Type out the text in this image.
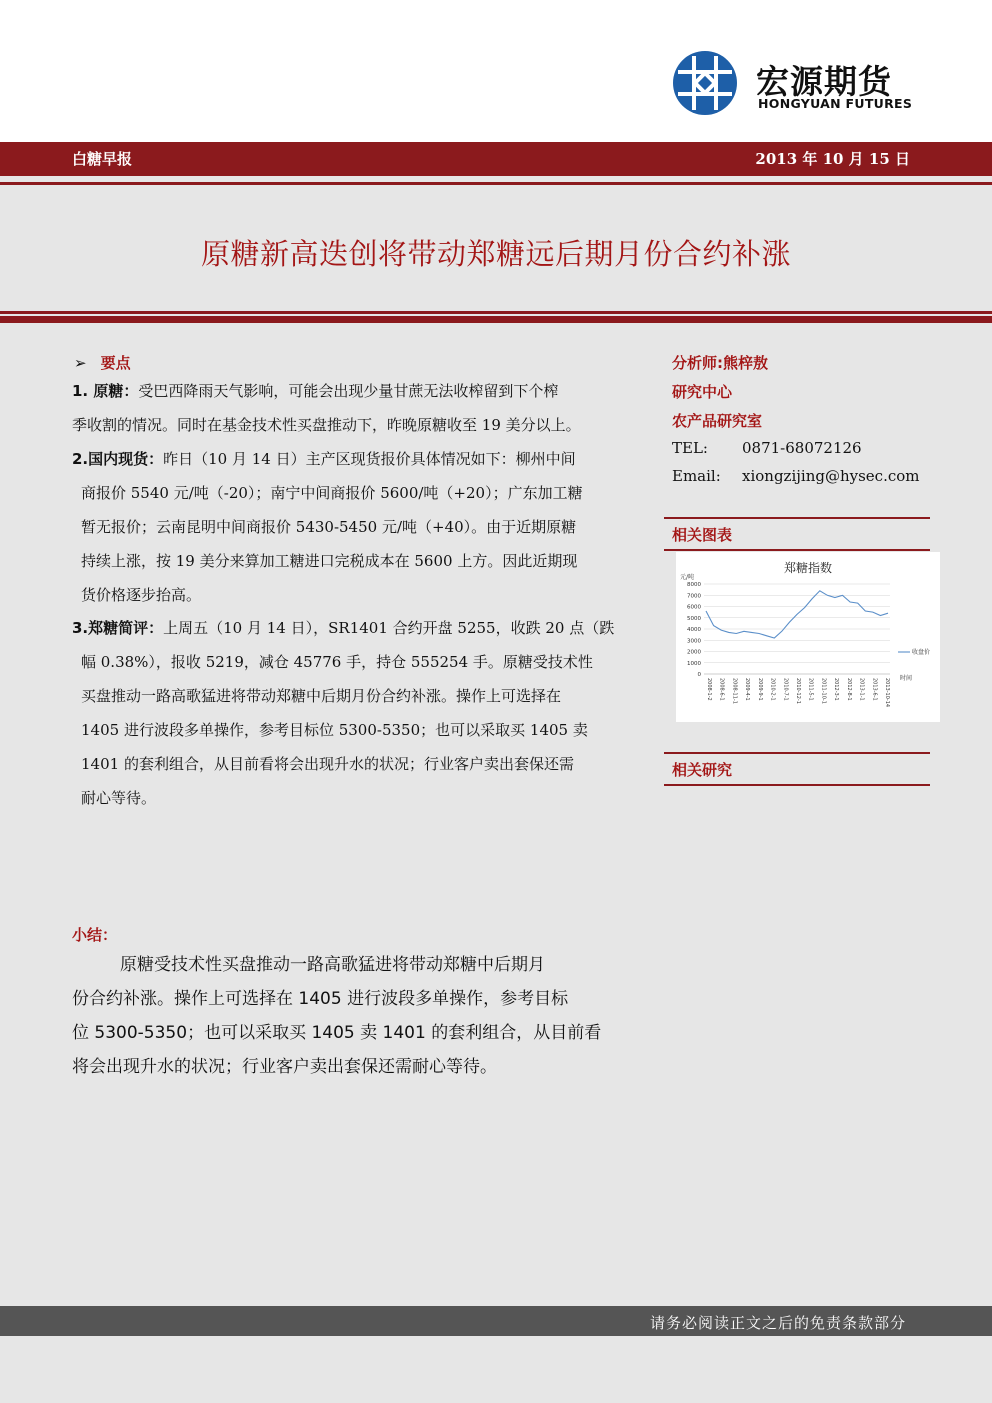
宏源期货
HONGYUAN FUTURES
白糖早报	2013 年 10 月 15 日
原糖新高迭创将带动郑糖远后期月份合约补涨
➢ 要点
1. 原糖：受巴西降雨天气影响，可能会出现少量甘蔗无法收榨留到下个榨
季收割的情况。同时在基金技术性买盘推动下，昨晚原糖收至 19 美分以上。
2.国内现货：昨日（10 月 14 日）主产区现货报价具体情况如下：柳州中间
商报价 5540 元/吨（-20）；南宁中间商报价 5600/吨（+20）；广东加工糖
暂无报价；云南昆明中间商报价 5430-5450 元/吨（+40）。由于近期原糖
持续上涨，按 19 美分来算加工糖进口完税成本在 5600 上方。因此近期现
货价格逐步抬高。
3.郑糖简评：上周五（10 月 14 日），SR1401 合约开盘 5255，收跌 20 点（跌
幅 0.38%），报收 5219，减仓 45776 手，持仓 555254 手。原糖受技术性
买盘推动一路高歌猛进将带动郑糖中后期月份合约补涨。操作上可选择在
1405 进行波段多单操作，参考目标位 5300-5350；也可以采取买 1405 卖
1401 的套利组合，从目前看将会出现升水的状况；行业客户卖出套保还需
耐心等待。
小结：
原糖受技术性买盘推动一路高歌猛进将带动郑糖中后期月
份合约补涨。操作上可选择在 1405 进行波段多单操作，参考目标
位 5300-5350；也可以采取买 1405 卖 1401 的套利组合，从目前看
将会出现升水的状况；行业客户卖出套保还需耐心等待。
分析师:熊梓敖
研究中心
农产品研究室
TEL: 0871-68072126
Email: xiongzijing@hysec.com
相关图表
郑糖指数
元/吨
0
1000
2000
3000
4000
5000
6000
7000
8000
2008-1-2 2008-6-1 2008-11-1 2009-4-1 2009-9-1 2010-2-1 2010-7-1 2010-12-1 2011-5-1 2011-10-1 2012-3-1 2012-8-1 2013-1-1 2013-6-1 2013-10-14
收盘价
时间
相关研究
请务必阅读正文之后的免责条款部分
